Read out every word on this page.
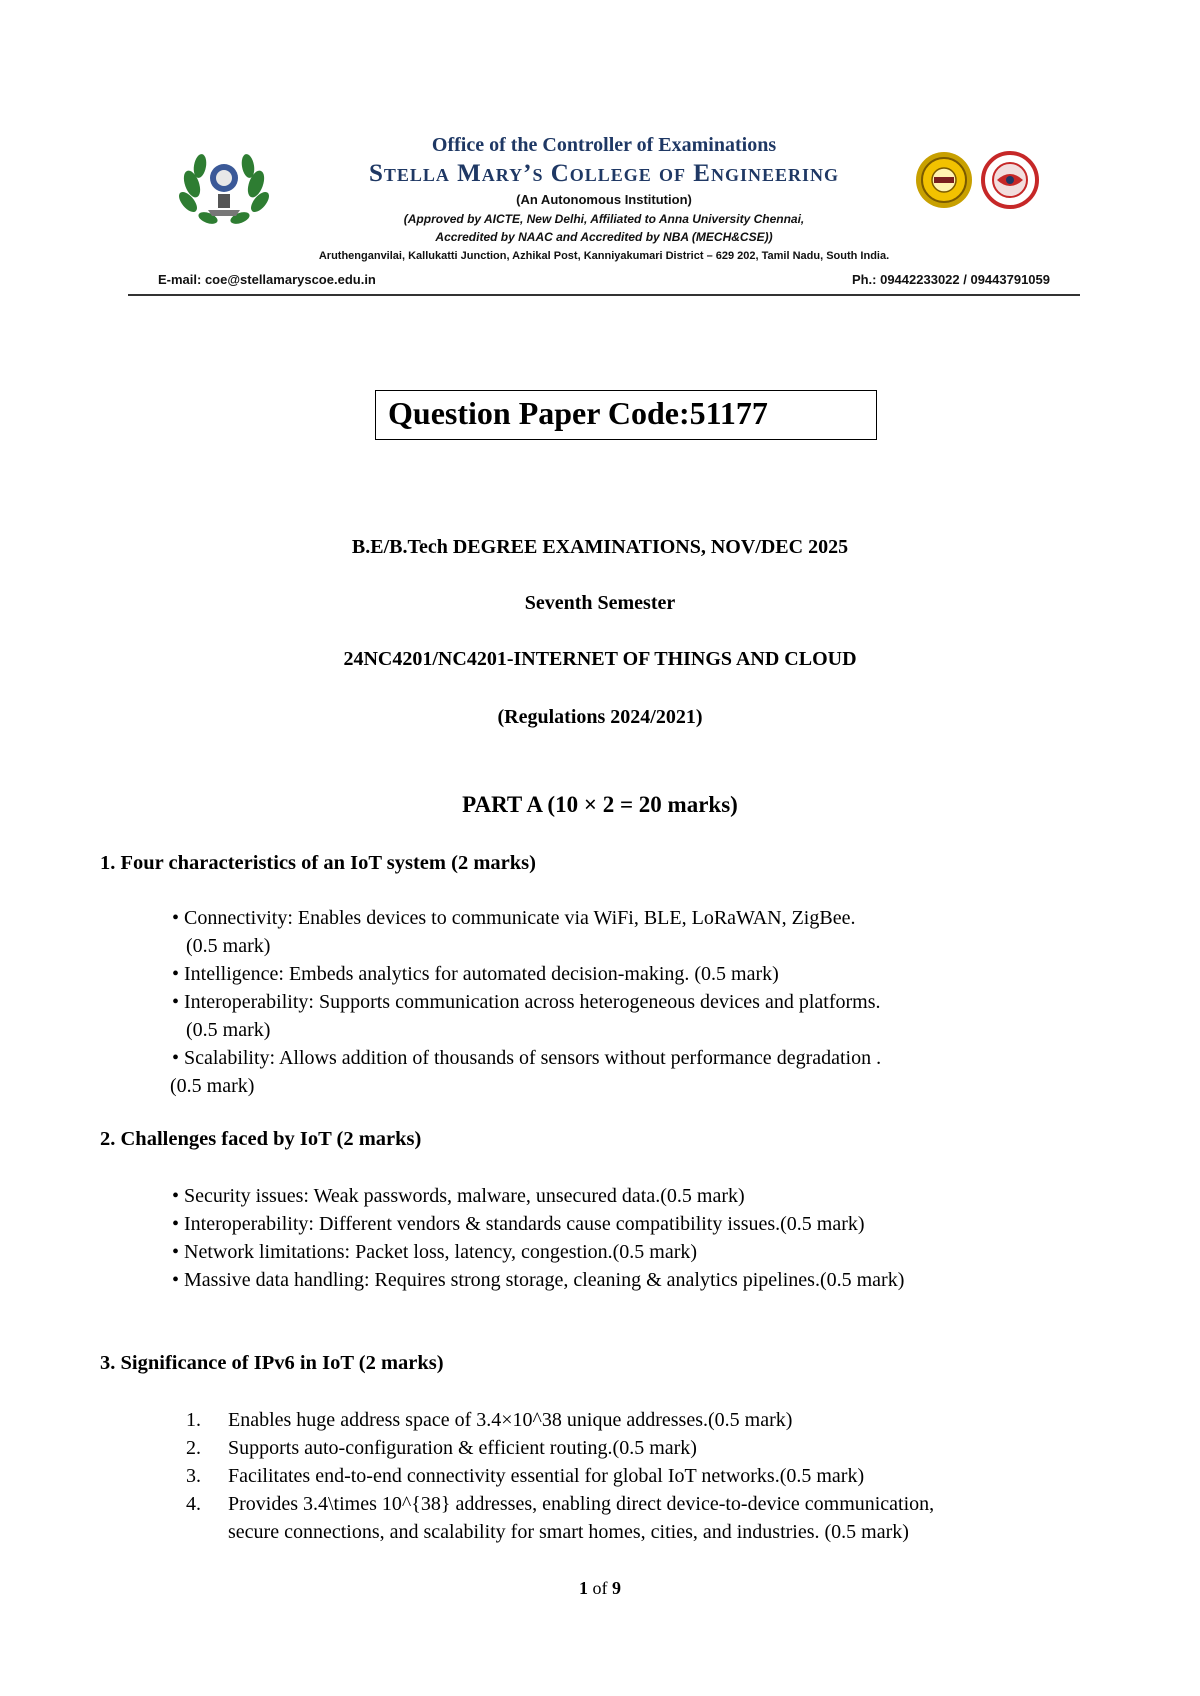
Office of the Controller of Examinations
Stella Mary’s College of Engineering
(An Autonomous Institution)
(Approved by AICTE, New Delhi, Affiliated to Anna University Chennai,
Accredited by NAAC and Accredited by NBA (MECH&CSE))
Aruthenganvilai, Kallukatti Junction, Azhikal Post, Kanniyakumari District – 629 202, Tamil Nadu, South India.
E-mail: coe@stellamaryscoe.edu.in	Ph.: 09442233022 / 09443791059
Question Paper Code:51177
B.E/B.Tech DEGREE EXAMINATIONS, NOV/DEC 2025
Seventh Semester
24NC4201/NC4201-INTERNET OF THINGS AND CLOUD
(Regulations 2024/2021)
PART A (10 × 2 = 20 marks)
1. Four characteristics of an IoT system (2 marks)
• Connectivity: Enables devices to communicate via WiFi, BLE, LoRaWAN, ZigBee.
(0.5 mark)
• Intelligence: Embeds analytics for automated decision-making. (0.5 mark)
• Interoperability: Supports communication across heterogeneous devices and platforms.
(0.5 mark)
• Scalability: Allows addition of thousands of sensors without performance degradation .
(0.5 mark)
2. Challenges faced by IoT (2 marks)
• Security issues: Weak passwords, malware, unsecured data.(0.5 mark)
• Interoperability: Different vendors & standards cause compatibility issues.(0.5 mark)
• Network limitations: Packet loss, latency, congestion.(0.5 mark)
• Massive data handling: Requires strong storage, cleaning & analytics pipelines.(0.5 mark)
3. Significance of IPv6 in IoT (2 marks)
1. Enables huge address space of 3.4×10^38 unique addresses.(0.5 mark)
2. Supports auto-configuration & efficient routing.(0.5 mark)
3. Facilitates end-to-end connectivity essential for global IoT networks.(0.5 mark)
4. Provides 3.4\times 10^{38} addresses, enabling direct device-to-device communication,
secure connections, and scalability for smart homes, cities, and industries. (0.5 mark)
1 of 9
